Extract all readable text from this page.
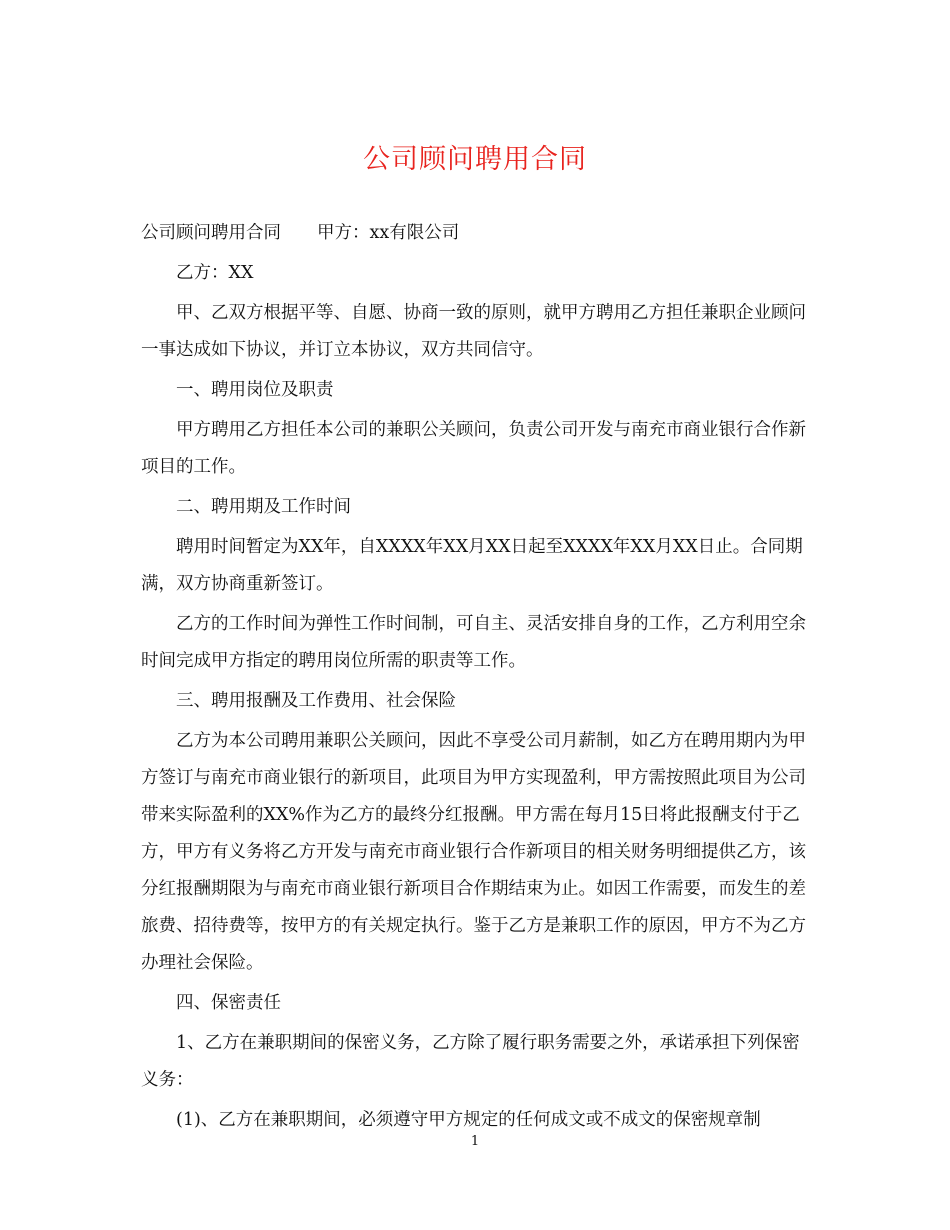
公司顾问聘用合同

公司顾问聘用合同 甲方：xx有限公司

乙方：XX

甲、乙双方根据平等、自愿、协商一致的原则，就甲方聘用乙方担任兼职企业顾问一事达成如下协议，并订立本协议，双方共同信守。

一、聘用岗位及职责

甲方聘用乙方担任本公司的兼职公关顾问，负责公司开发与南充市商业银行合作新项目的工作。

二、聘用期及工作时间

聘用时间暂定为XX年，自XXXX年XX月XX日起至XXXX年XX月XX日止。合同期满，双方协商重新签订。

乙方的工作时间为弹性工作时间制，可自主、灵活安排自身的工作，乙方利用空余时间完成甲方指定的聘用岗位所需的职责等工作。

三、聘用报酬及工作费用、社会保险

乙方为本公司聘用兼职公关顾问，因此不享受公司月薪制，如乙方在聘用期内为甲方签订与南充市商业银行的新项目，此项目为甲方实现盈利，甲方需按照此项目为公司带来实际盈利的XX%作为乙方的最终分红报酬。甲方需在每月15日将此报酬支付于乙方，甲方有义务将乙方开发与南充市商业银行合作新项目的相关财务明细提供乙方，该分红报酬期限为与南充市商业银行新项目合作期结束为止。如因工作需要，而发生的差旅费、招待费等，按甲方的有关规定执行。鉴于乙方是兼职工作的原因，甲方不为乙方办理社会保险。

四、保密责任

1、乙方在兼职期间的保密义务，乙方除了履行职务需要之外，承诺承担下列保密义务：

(1)、乙方在兼职期间，必须遵守甲方规定的任何成文或不成文的保密规章制

1
